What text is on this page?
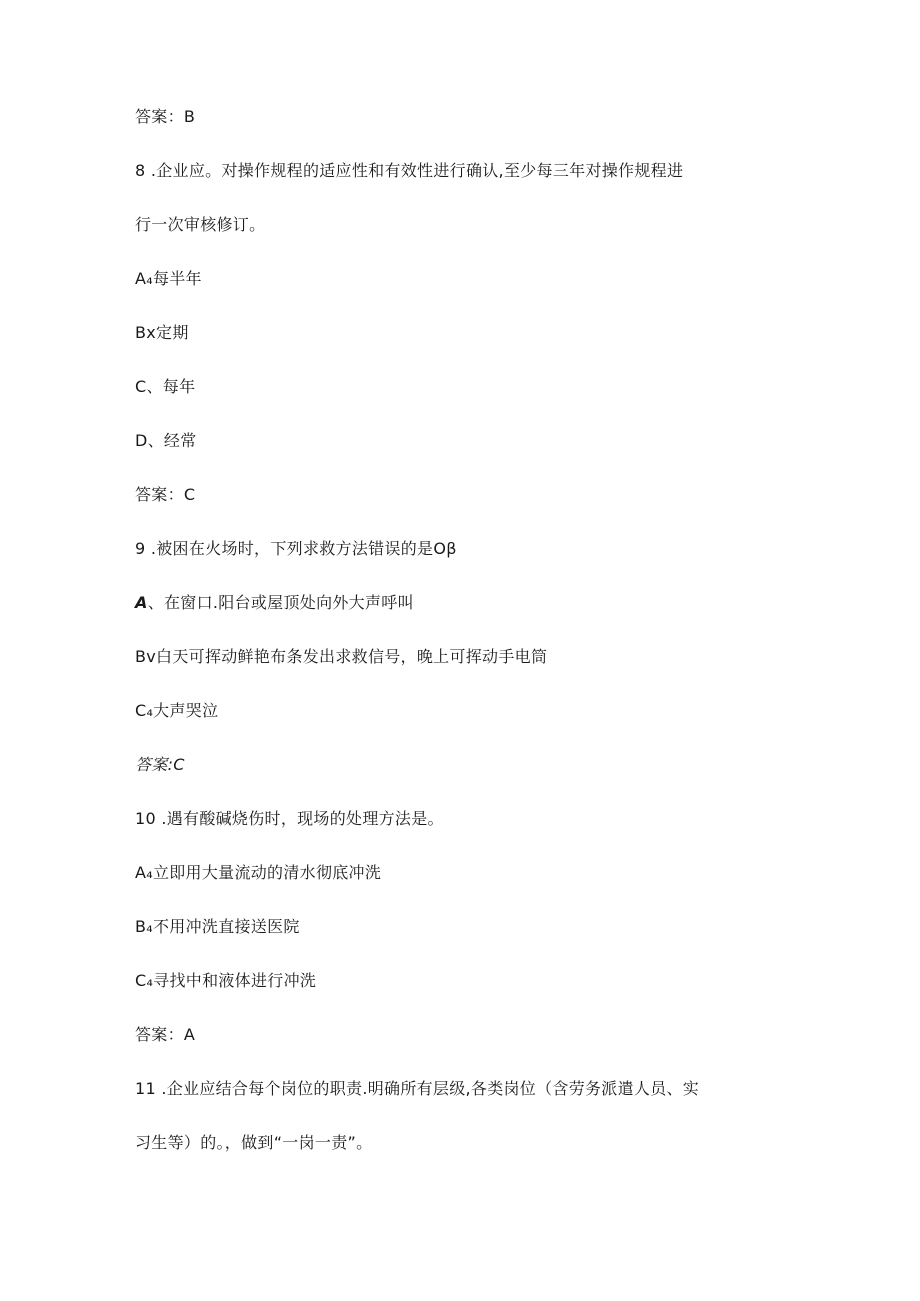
答案：B
8 .企业应。对操作规程的适应性和有效性进行确认,至少每三年对操作规程进
行一次审核修订。
A₄每半年
Bx定期
C、每年
D、经常
答案：C
9 .被困在火场时，下列求救方法错误的是Oβ
A、在窗口.阳台或屋顶处向外大声呼叫
Bv白天可挥动鲜艳布条发出求救信号，晚上可挥动手电筒
C₄大声哭泣
答案:C
10 .遇有酸碱烧伤时，现场的处理方法是。
A₄立即用大量流动的清水彻底冲洗
B₄不用冲洗直接送医院
C₄寻找中和液体进行冲洗
答案：A
11 .企业应结合每个岗位的职责.明确所有层级,各类岗位（含劳务派遣人员、实
习生等）的。，做到“一岗一责”。
